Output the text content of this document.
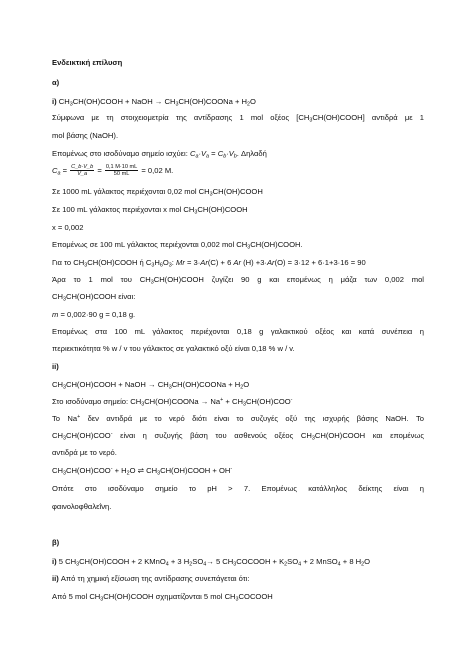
Ενδεικτική επίλυση
α)
i) $CH_3CH(OH)COOH$ + NaOH → $CH_3CH(OH)COONa + H_2O$
Σύμφωνα με τη στοιχειομετρία της αντίδρασης 1 mol οξέος $[CH_3CH(OH)COOH]$ αντιδρά με 1
mol βάσης (NaOH).
Επομένως στο ισοδύναμο σημείο ισχύει: $C_a\cdot V_a = C_b\cdot V_b$. Δηλαδή
$C_a = \frac{C\_b\cdot V\_b}{V\_a} = \frac{0,1 M\cdot 10 mL}{50 mL} = 0,02$ M.
Σε 1000 mL γάλακτος περιέχονται 0,02 mol $CH_3CH(OH)COOH$
Σε 100 mL γάλακτος περιέχονται x mol $CH_3CH(OH)COOH$
x = 0,002
Επομένως σε 100 mL γάλακτος περιέχονται 0,002 mol $CH_3CH(OH)COOH$.
Για το $CH_3CH(OH)COOH$ ή $C_3H_6O_3$: Mr = 3·Ar(C) + 6 Ar (H) +3·Ar(O) = 3·12 + 6·1+3·16 = 90
Άρα το 1 mol του $CH_3CH(OH)COOH$ ζυγίζει 90 g και επομένως η μάζα των 0,002 mol
$CH_3CH(OH)COOH$ είναι:
m = 0,002·90 g = 0,18 g.
Επομένως στα 100 mL γάλακτος περιέχονται 0,18 g γαλακτικού οξέος και κατά συνέπεια η
περιεκτικότητα % w / v του γάλακτος σε γαλακτικό οξύ είναι 0,18 % w / v.
ii)
$CH_3CH(OH)COOH$ + NaOH → $CH_3CH(OH)COONa + H_2O$
Στο ισοδύναμο σημείο: $CH_3CH(OH)COONa \to Na^+ + CH_3CH(OH)COO^-$
Το Na+ δεν αντιδρά με το νερό διότι είναι το συζυγές οξύ της ισχυρής βάσης NaOH. Το
$CH_3CH(OH)COO^-$ είναι η συζυγής βάση του ασθενούς οξέος $CH_3CH(OH)COOH$ και επομένως
αντιδρά με το νερό.
$CH_3CH(OH)COO^- + H_2O$ ⇌ $CH_3CH(OH)COOH + OH^-$
Οπότε στο ισοδύναμο σημείο το pH > 7. Επομένως κατάλληλος δείκτης είναι η
φαινολοφθαλεΐνη.
β)
i) 5 $CH_3CH(OH)COOH + 2$ KMnO$_4$ + 3 $H_2SO_4\to 5$ $CH_3COCOOH + K_2SO_4 + 2$ MnSO$_4$ + 8 $H_2O$
ii) Από τη χημική εξίσωση της αντίδρασης συνεπάγεται ότι:
Από 5 mol $CH_3CH(OH)COOH$ σχηματίζονται 5 mol $CH_3COCOOH$
